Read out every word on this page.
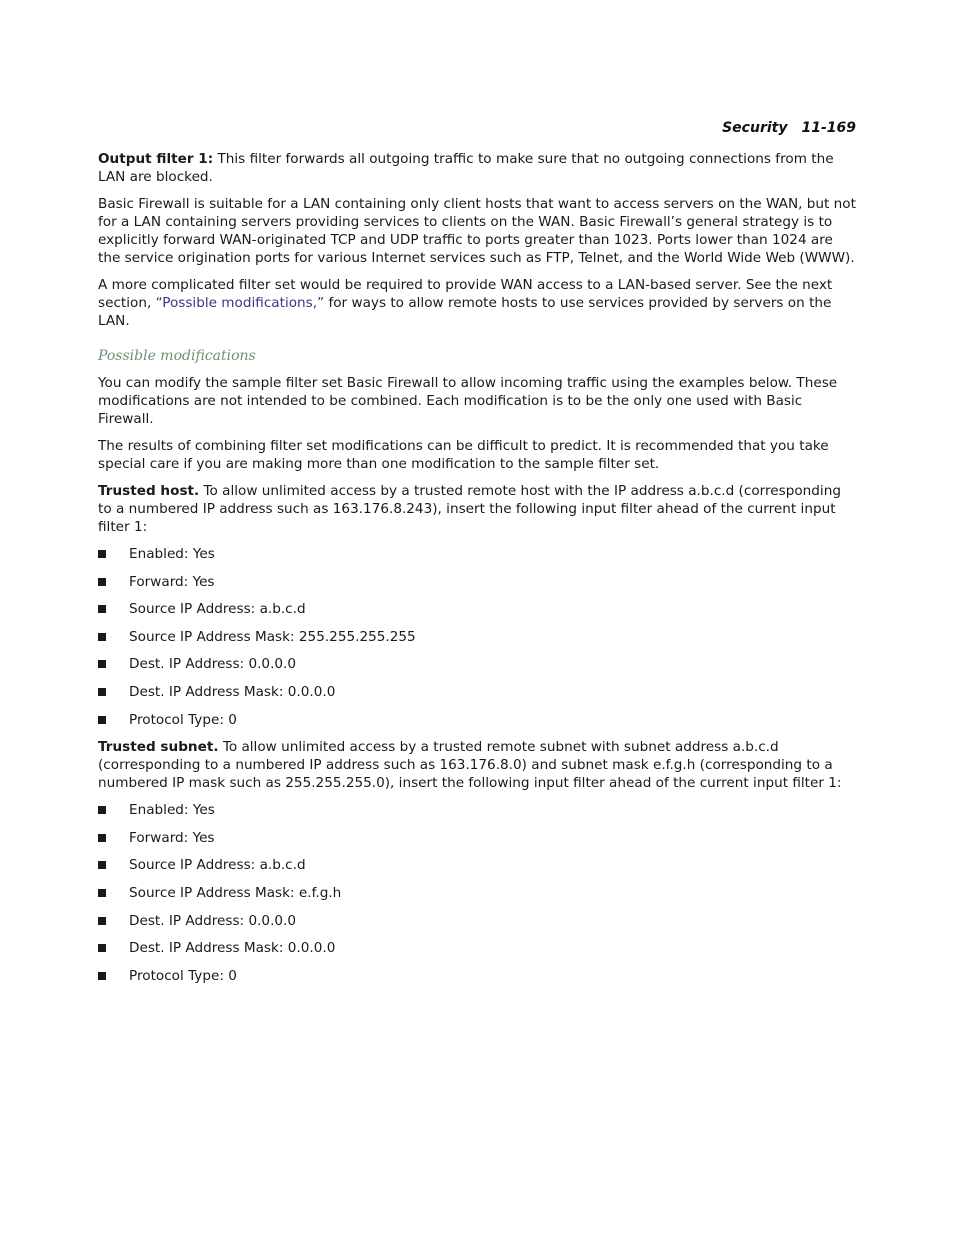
Security 11-169

Output filter 1: This filter forwards all outgoing traffic to make sure that no outgoing connections from the LAN are blocked.

Basic Firewall is suitable for a LAN containing only client hosts that want to access servers on the WAN, but not for a LAN containing servers providing services to clients on the WAN. Basic Firewall’s general strategy is to explicitly forward WAN-originated TCP and UDP traffic to ports greater than 1023. Ports lower than 1024 are the service origination ports for various Internet services such as FTP, Telnet, and the World Wide Web (WWW).

A more complicated filter set would be required to provide WAN access to a LAN-based server. See the next section, “Possible modifications,” for ways to allow remote hosts to use services provided by servers on the LAN.

Possible modifications

You can modify the sample filter set Basic Firewall to allow incoming traffic using the examples below. These modifications are not intended to be combined. Each modification is to be the only one used with Basic Firewall.

The results of combining filter set modifications can be difficult to predict. It is recommended that you take special care if you are making more than one modification to the sample filter set.

Trusted host. To allow unlimited access by a trusted remote host with the IP address a.b.c.d (corresponding to a numbered IP address such as 163.176.8.243), insert the following input filter ahead of the current input filter 1:

Enabled: Yes
Forward: Yes
Source IP Address: a.b.c.d
Source IP Address Mask: 255.255.255.255
Dest. IP Address: 0.0.0.0
Dest. IP Address Mask: 0.0.0.0
Protocol Type: 0

Trusted subnet. To allow unlimited access by a trusted remote subnet with subnet address a.b.c.d (corresponding to a numbered IP address such as 163.176.8.0) and subnet mask e.f.g.h (corresponding to a numbered IP mask such as 255.255.255.0), insert the following input filter ahead of the current input filter 1:

Enabled: Yes
Forward: Yes
Source IP Address: a.b.c.d
Source IP Address Mask: e.f.g.h
Dest. IP Address: 0.0.0.0
Dest. IP Address Mask: 0.0.0.0
Protocol Type: 0
